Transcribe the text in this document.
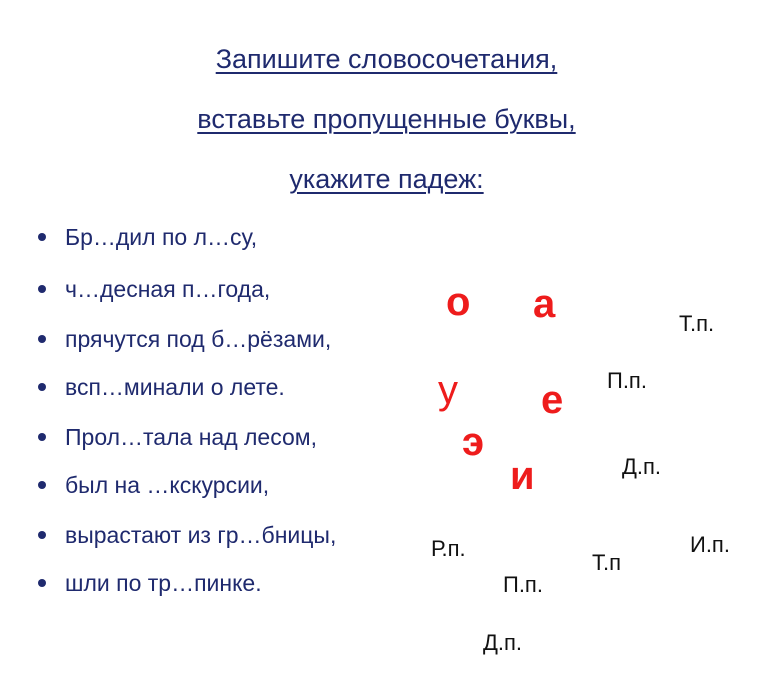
Запишите словосочетания,
вставьте пропущенные буквы,
укажите падеж:
Бр…дил по л…су,
ч…десная п…года,
прячутся под б…рёзами,
всп…минали о лете.
Прол…тала над лесом,
был на …кскурсии,
вырастают из гр…бницы,
шли по тр…пинке.
о а
у е
э
и
Т.п.
П.п.
Д.п.
Р.п.
Т.п
И.п.
П.п.
Д.п.
